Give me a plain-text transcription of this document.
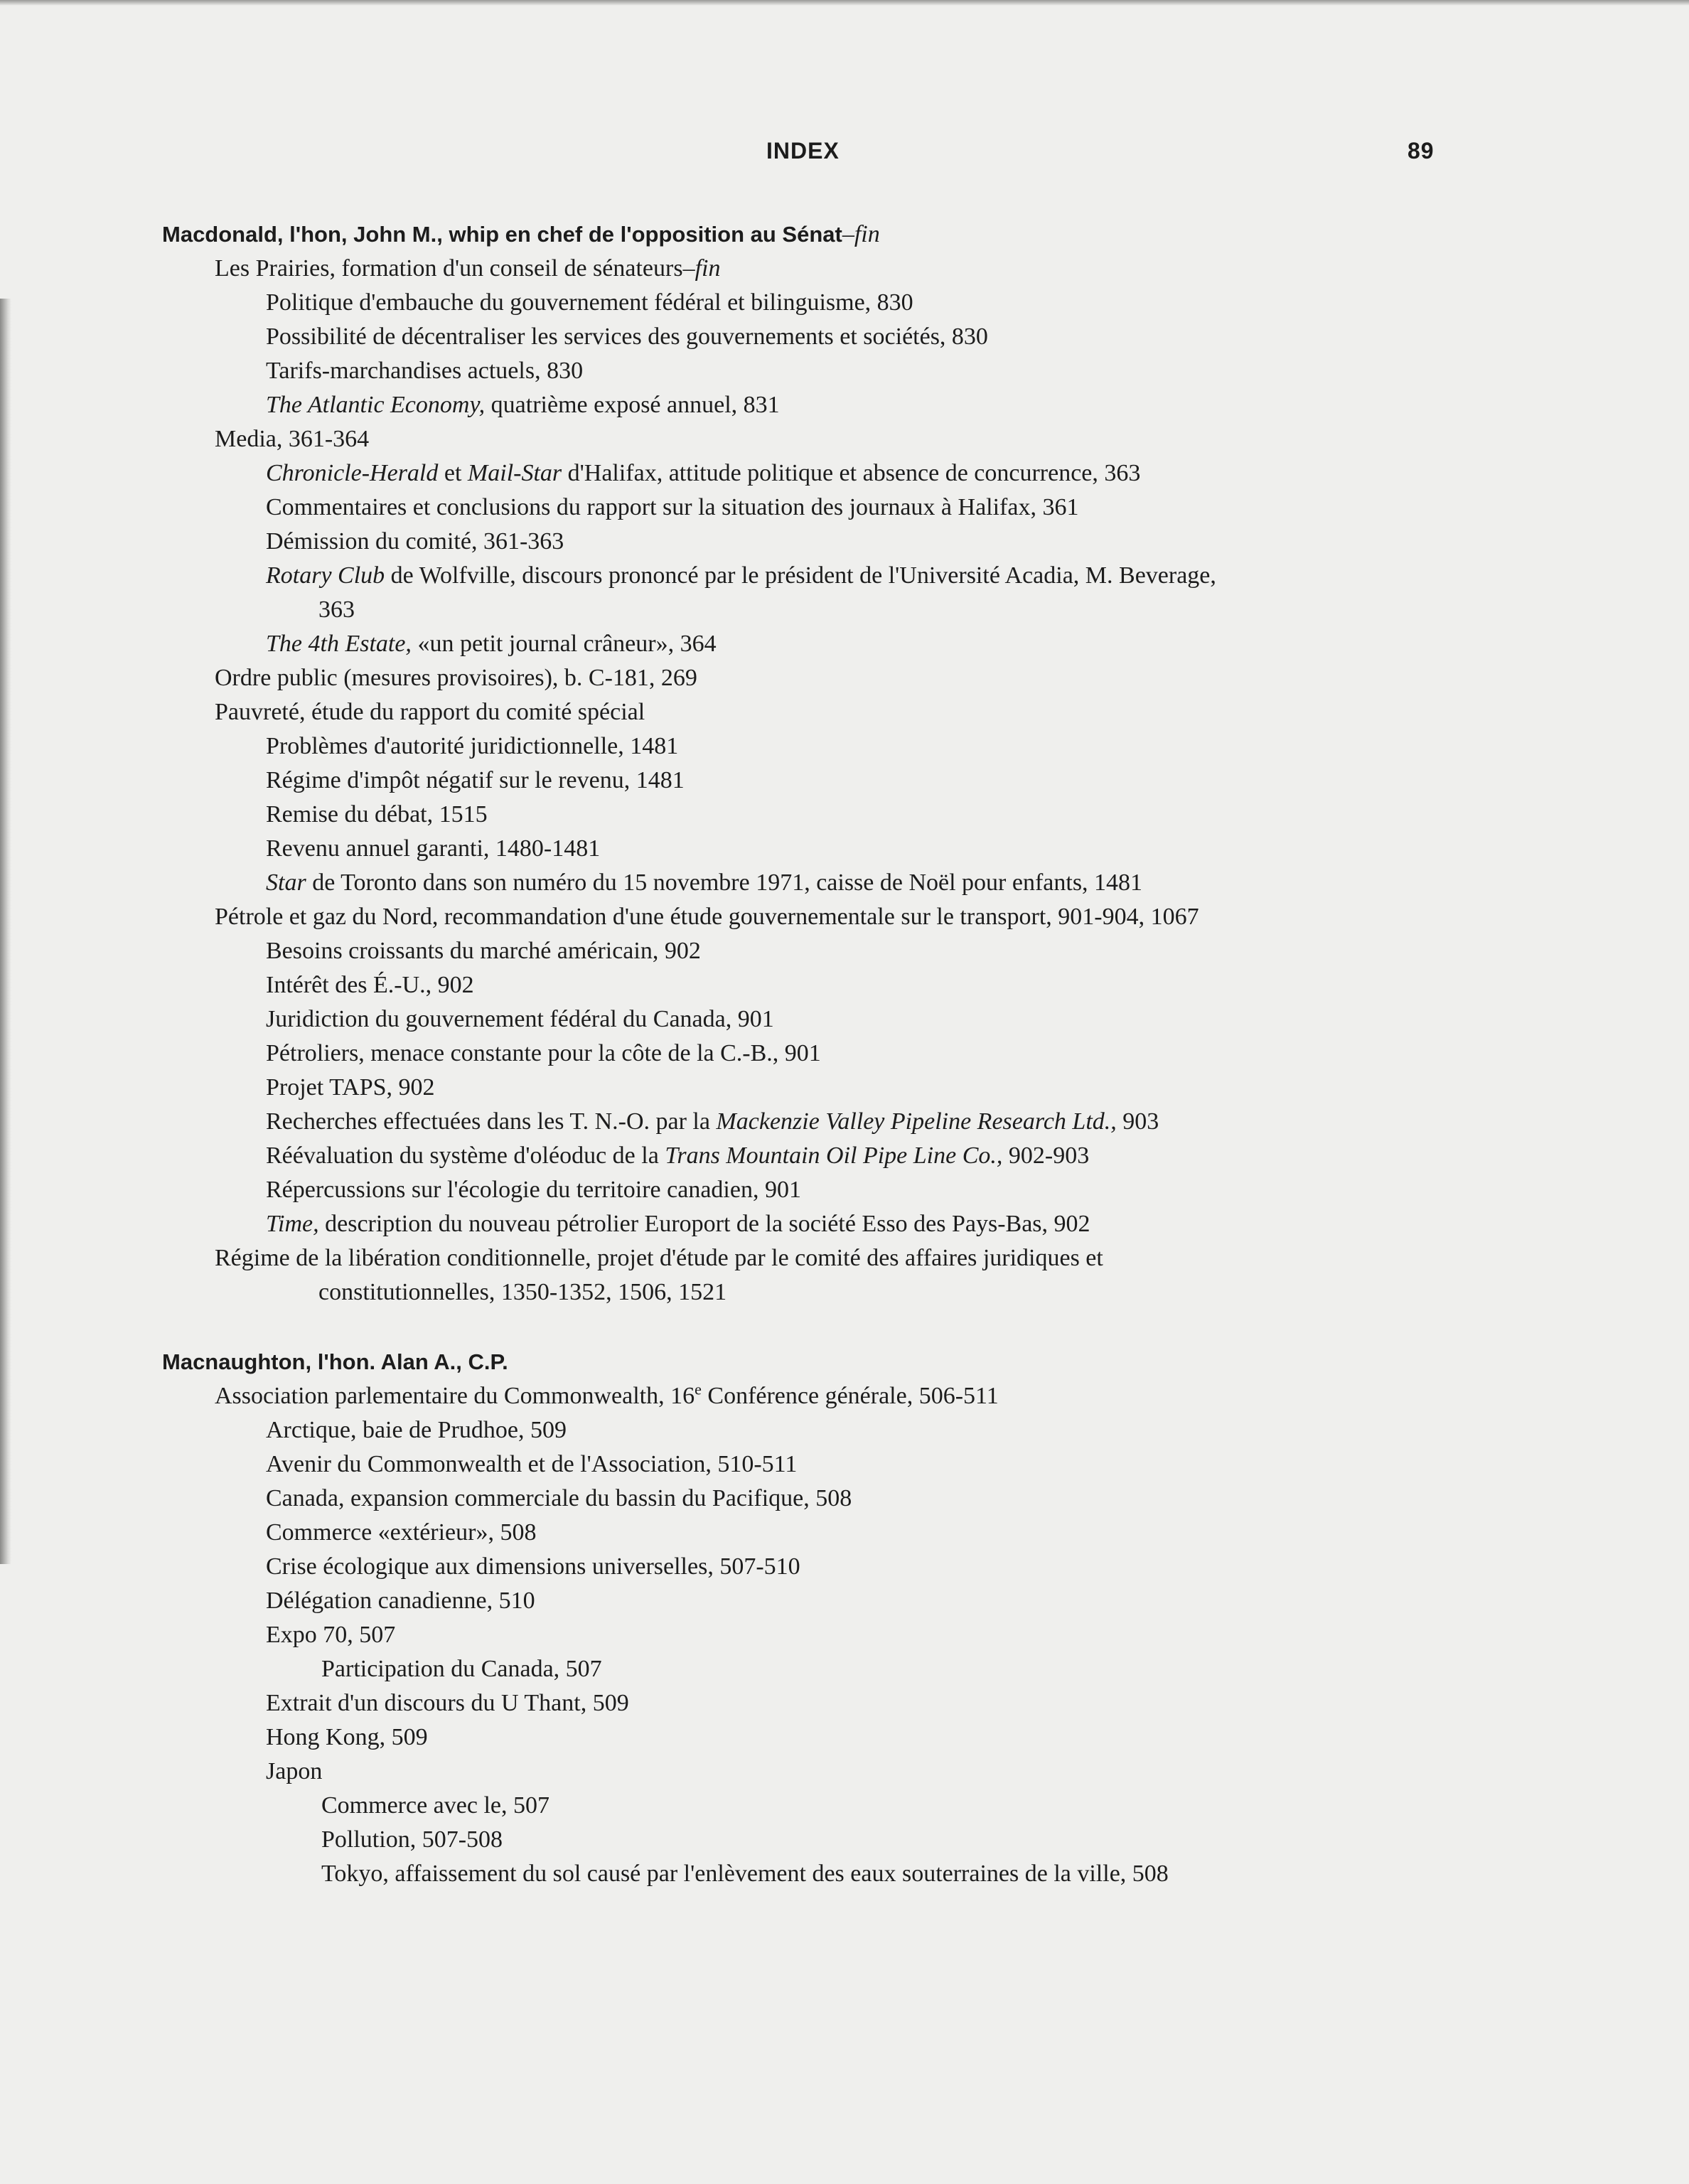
INDEX	89
Macdonald, l'hon, John M., whip en chef de l'opposition au Sénat–fin
Les Prairies, formation d'un conseil de sénateurs–fin
Politique d'embauche du gouvernement fédéral et bilinguisme, 830
Possibilité de décentraliser les services des gouvernements et sociétés, 830
Tarifs-marchandises actuels, 830
The Atlantic Economy, quatrième exposé annuel, 831
Media, 361-364
Chronicle-Herald et Mail-Star d'Halifax, attitude politique et absence de concurrence, 363
Commentaires et conclusions du rapport sur la situation des journaux à Halifax, 361
Démission du comité, 361-363
Rotary Club de Wolfville, discours prononcé par le président de l'Université Acadia, M. Beverage,
363
The 4th Estate, «un petit journal crâneur», 364
Ordre public (mesures provisoires), b. C-181, 269
Pauvreté, étude du rapport du comité spécial
Problèmes d'autorité juridictionnelle, 1481
Régime d'impôt négatif sur le revenu, 1481
Remise du débat, 1515
Revenu annuel garanti, 1480-1481
Star de Toronto dans son numéro du 15 novembre 1971, caisse de Noël pour enfants, 1481
Pétrole et gaz du Nord, recommandation d'une étude gouvernementale sur le transport, 901-904, 1067
Besoins croissants du marché américain, 902
Intérêt des É.-U., 902
Juridiction du gouvernement fédéral du Canada, 901
Pétroliers, menace constante pour la côte de la C.-B., 901
Projet TAPS, 902
Recherches effectuées dans les T. N.-O. par la Mackenzie Valley Pipeline Research Ltd., 903
Réévaluation du système d'oléoduc de la Trans Mountain Oil Pipe Line Co., 902-903
Répercussions sur l'écologie du territoire canadien, 901
Time, description du nouveau pétrolier Europort de la société Esso des Pays-Bas, 902
Régime de la libération conditionnelle, projet d'étude par le comité des affaires juridiques et
constitutionnelles, 1350-1352, 1506, 1521
Macnaughton, l'hon. Alan A., C.P.
Association parlementaire du Commonwealth, 16e Conférence générale, 506-511
Arctique, baie de Prudhoe, 509
Avenir du Commonwealth et de l'Association, 510-511
Canada, expansion commerciale du bassin du Pacifique, 508
Commerce «extérieur», 508
Crise écologique aux dimensions universelles, 507-510
Délégation canadienne, 510
Expo 70, 507
Participation du Canada, 507
Extrait d'un discours du U Thant, 509
Hong Kong, 509
Japon
Commerce avec le, 507
Pollution, 507-508
Tokyo, affaissement du sol causé par l'enlèvement des eaux souterraines de la ville, 508
